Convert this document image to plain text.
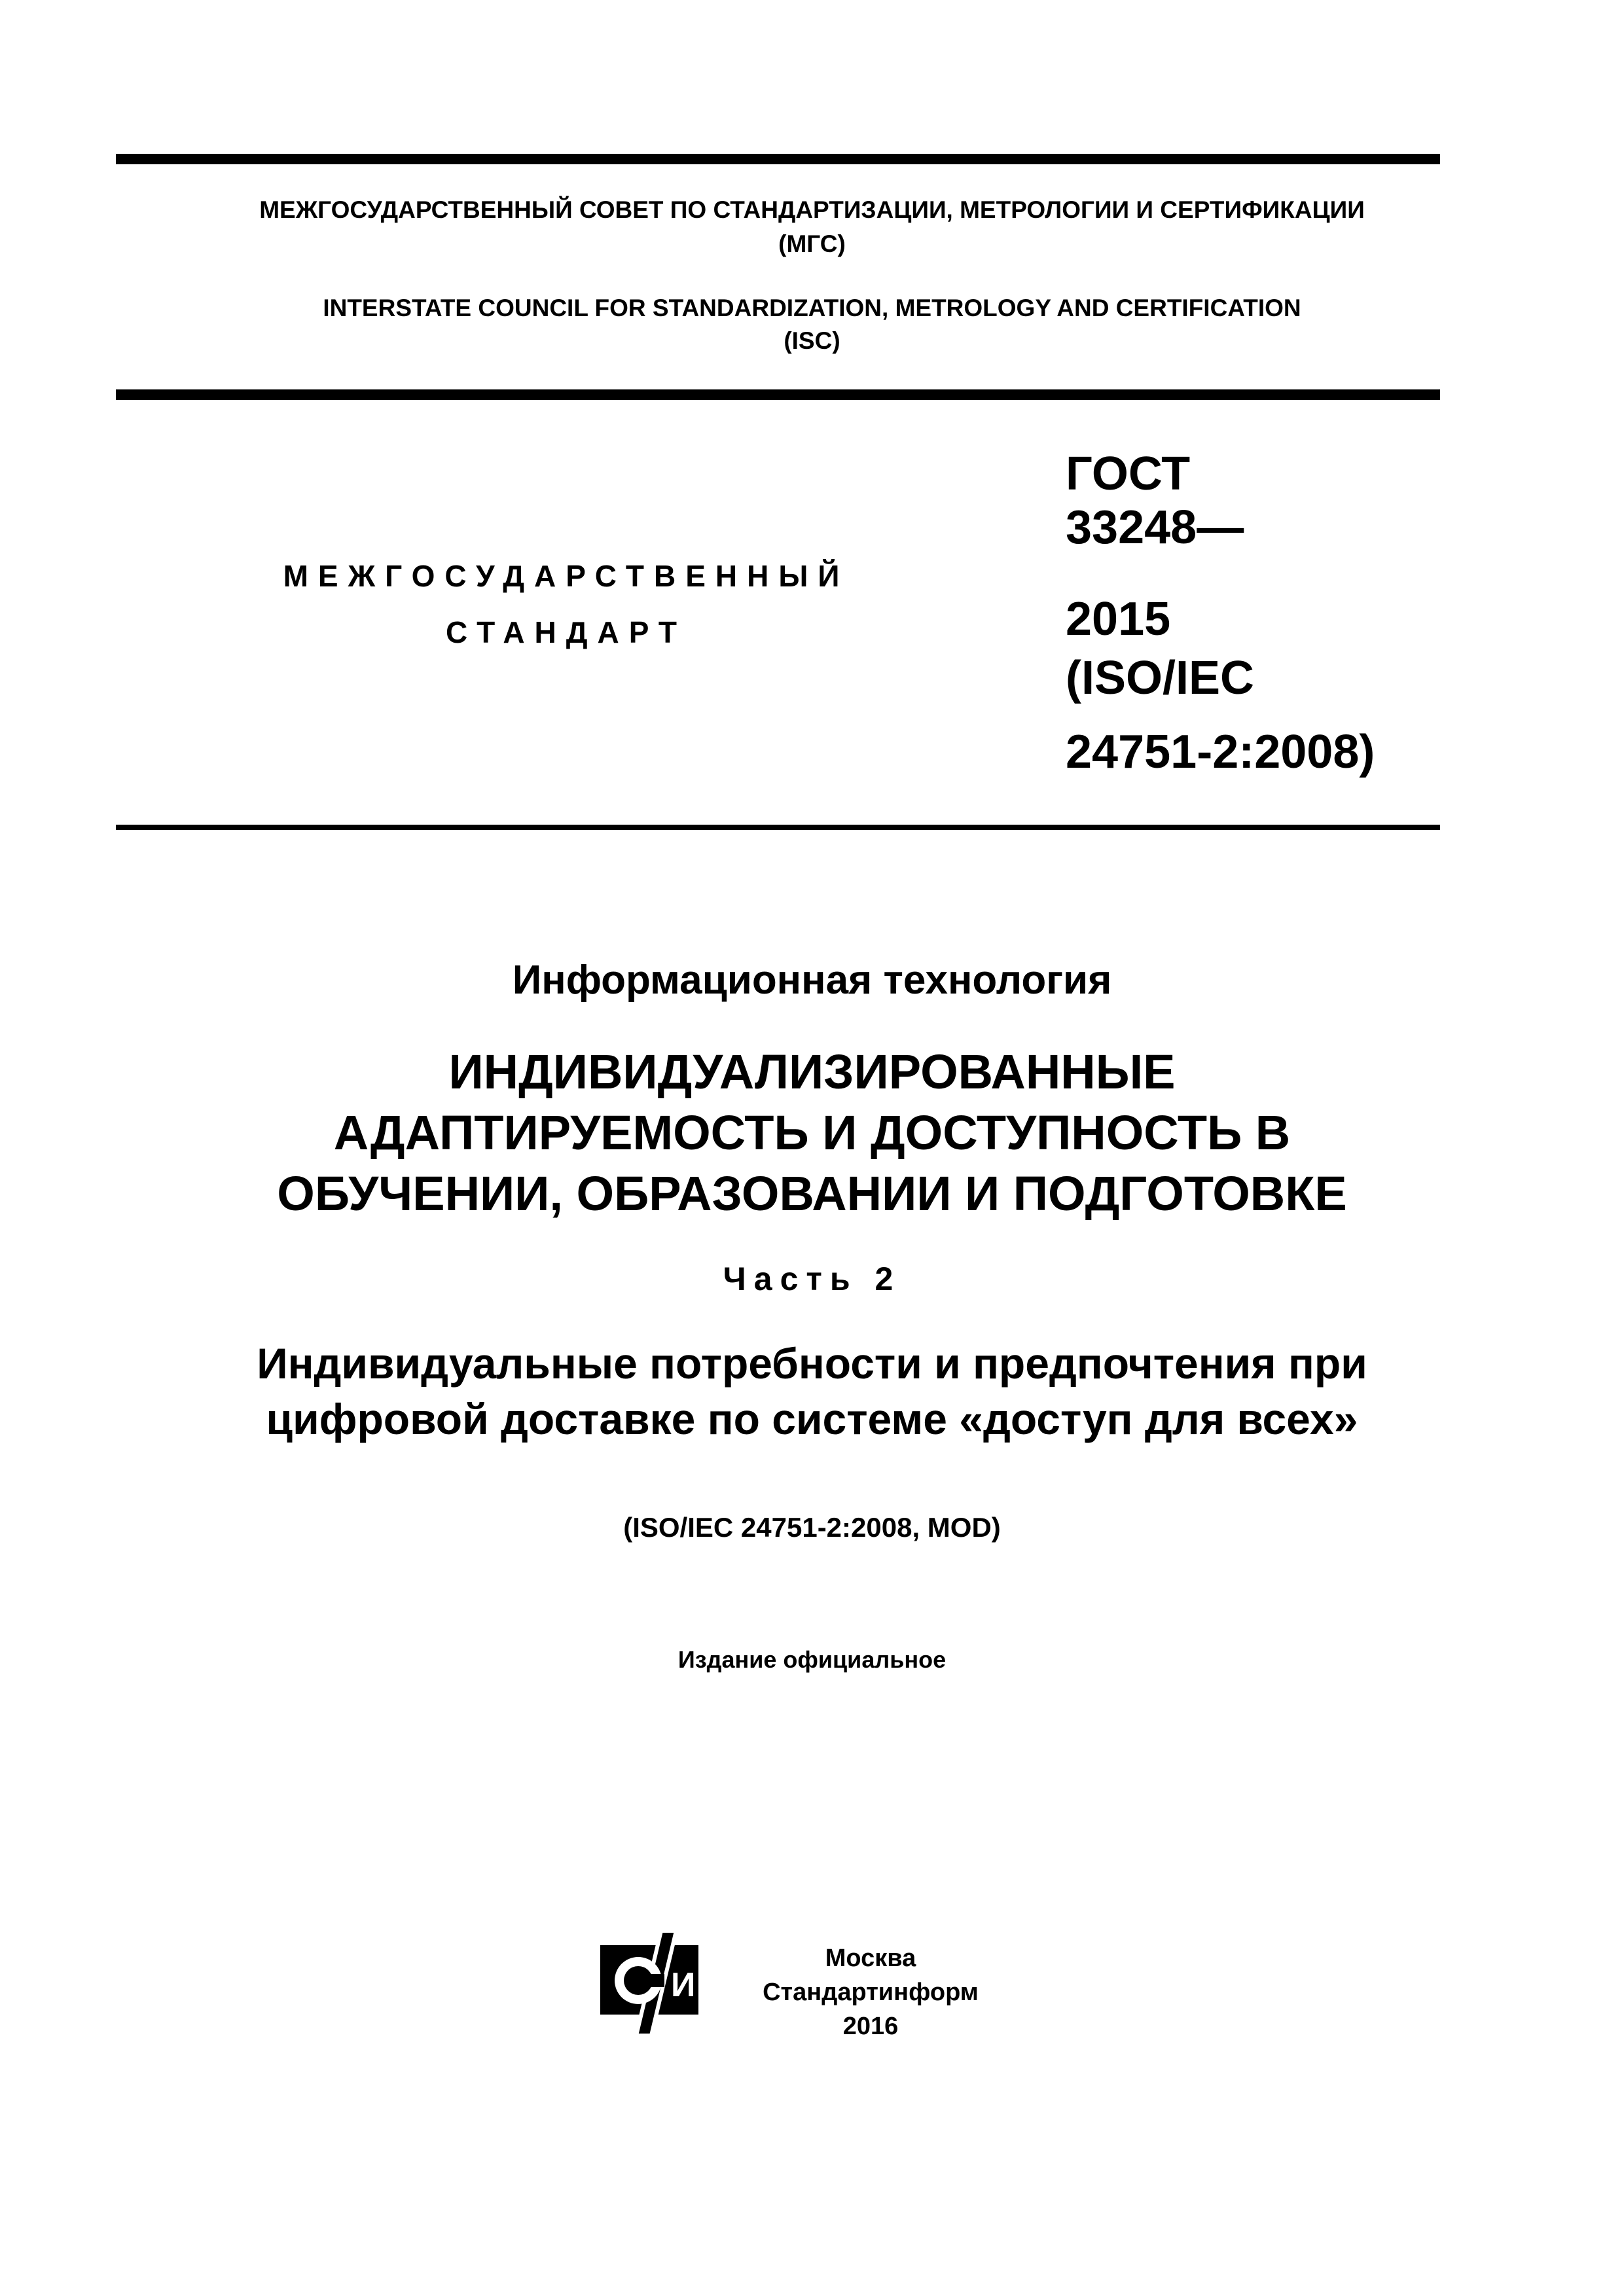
МЕЖГОСУДАРСТВЕННЫЙ СОВЕТ ПО СТАНДАРТИЗАЦИИ, МЕТРОЛОГИИ И СЕРТИФИКАЦИИ
(МГС)
INTERSTATE COUNCIL FOR STANDARDIZATION, METROLOGY AND CERTIFICATION
(ISC)
МЕЖГОСУДАРСТВЕННЫЙ
СТАНДАРТ
ГОСТ
33248—
2015
(ISO/IEC
24751-2:2008)
Информационная технология
ИНДИВИДУАЛИЗИРОВАННЫЕ
АДАПТИРУЕМОСТЬ И ДОСТУПНОСТЬ В
ОБУЧЕНИИ, ОБРАЗОВАНИИ И ПОДГОТОВКЕ
Часть 2
Индивидуальные потребности и предпочтения при
цифровой доставке по системе «доступ для всех»
(ISO/IEC 24751-2:2008, MOD)
Издание официальное
И
Москва
Стандартинформ
2016
